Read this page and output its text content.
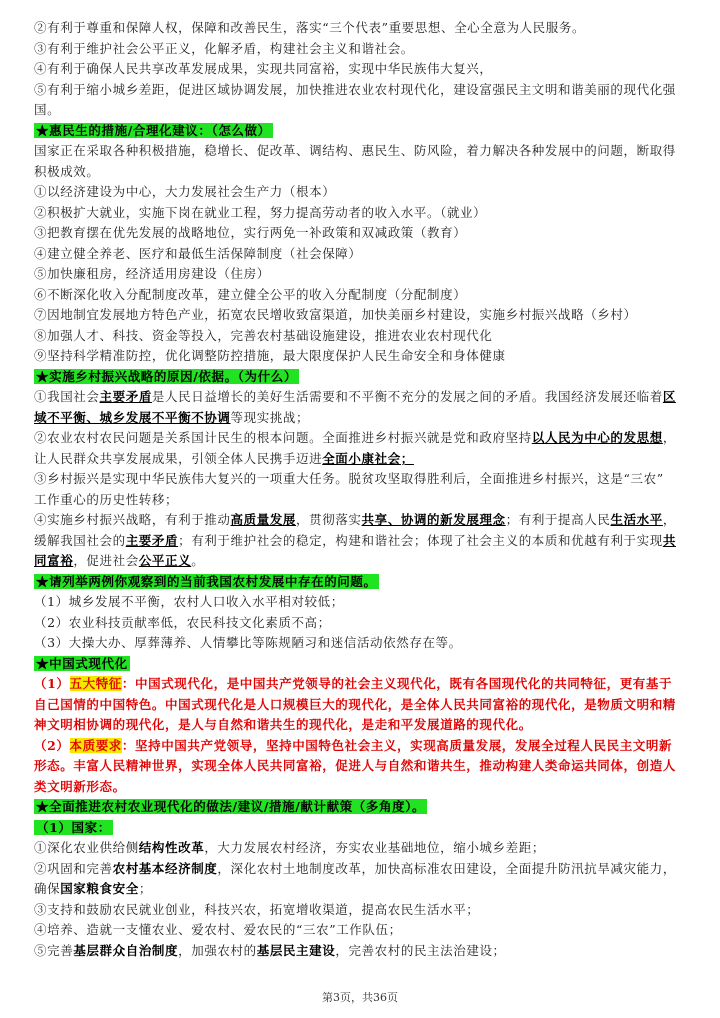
②有利于尊重和保障人权，保障和改善民生，落实“三个代表”重要思想、全心全意为人民服务。
③有利于维护社会公平正义，化解矛盾，构建社会主义和谐社会。
④有利于确保人民共享改革发展成果，实现共同富裕，实现中华民族伟大复兴，
⑤有利于缩小城乡差距，促进区域协调发展，加快推进农业农村现代化，建设富强民主文明和谐美丽的现代化强
国。
★惠民生的措施/合理化建议：（怎么做）
国家正在采取各种积极措施，稳增长、促改革、调结构、惠民生、防风险，着力解决各种发展中的问题，断取得
积极成效。
①以经济建设为中心，大力发展社会生产力（根本）
②积极扩大就业，实施下岗在就业工程，努力提高劳动者的收入水平。（就业）
③把教育摆在优先发展的战略地位，实行两免一补政策和双减政策（教育）
④建立健全养老、医疗和最低生活保障制度（社会保障）
⑤加快廉租房，经济适用房建设（住房）
⑥不断深化收入分配制度改革，建立健全公平的收入分配制度（分配制度）
⑦因地制宜发展地方特色产业，拓宽农民增收致富渠道，加快美丽乡村建设，实施乡村振兴战略（乡村）
⑧加强人才、科技、资金等投入，完善农村基础设施建设，推进农业农村现代化
⑨坚持科学精准防控，优化调整防控措施，最大限度保护人民生命安全和身体健康
★实施乡村振兴战略的原因/依据。（为什么）
①我国社会主要矛盾是人民日益增长的美好生活需要和不平衡不充分的发展之间的矛盾。我国经济发展还临着区
域不平衡、城乡发展不平衡不协调等现实挑战；
②农业农村农民问题是关系国计民生的根本问题。全面推进乡村振兴就是党和政府坚持以人民为中心的发思想，
让人民群众共享发展成果，引领全体人民携手迈进全面小康社会；
③乡村振兴是实现中华民族伟大复兴的一项重大任务。脱贫攻坚取得胜利后，全面推进乡村振兴，这是“三农”
工作重心的历史性转移；
④实施乡村振兴战略，有利于推动高质量发展，贯彻落实共享、协调的新发展理念；有利于提高人民生活水平，
缓解我国社会的主要矛盾；有利于维护社会的稳定，构建和谐社会；体现了社会主义的本质和优越有利于实现共
同富裕，促进社会公平正义。
★请列举两例你观察到的当前我国农村发展中存在的问题。
（1）城乡发展不平衡，农村人口收入水平相对较低；
（2）农业科技贡献率低，农民科技文化素质不高；
（3）大操大办、厚葬薄养、人情攀比等陈规陋习和迷信活动依然存在等。
★中国式现代化
（1）五大特征：中国式现代化，是中国共产党领导的社会主义现代化，既有各国现代化的共同特征，更有基于
自己国情的中国特色。中国式现代化是人口规模巨大的现代化，是全体人民共同富裕的现代化，是物质文明和精
神文明相协调的现代化，是人与自然和谐共生的现代化，是走和平发展道路的现代化。
（2）本质要求：坚持中国共产党领导，坚持中国特色社会主义，实现高质量发展，发展全过程人民民主文明新
形态。丰富人民精神世界，实现全体人民共同富裕，促进人与自然和谐共生，推动构建人类命运共同体，创造人
类文明新形态。
★全面推进农村农业现代化的做法/建议/措施/献计献策（多角度）。
（1）国家：
①深化农业供给侧结构性改革，大力发展农村经济，夯实农业基础地位，缩小城乡差距；
②巩固和完善农村基本经济制度，深化农村土地制度改革，加快高标准农田建设，全面提升防汛抗旱减灾能力，
确保国家粮食安全；
③支持和鼓励农民就业创业，科技兴农，拓宽增收渠道，提高农民生活水平；
④培养、造就一支懂农业、爱农村、爱农民的“三农”工作队伍；
⑤完善基层群众自治制度，加强农村的基层民主建设，完善农村的民主法治建设；
第3页，共36页
